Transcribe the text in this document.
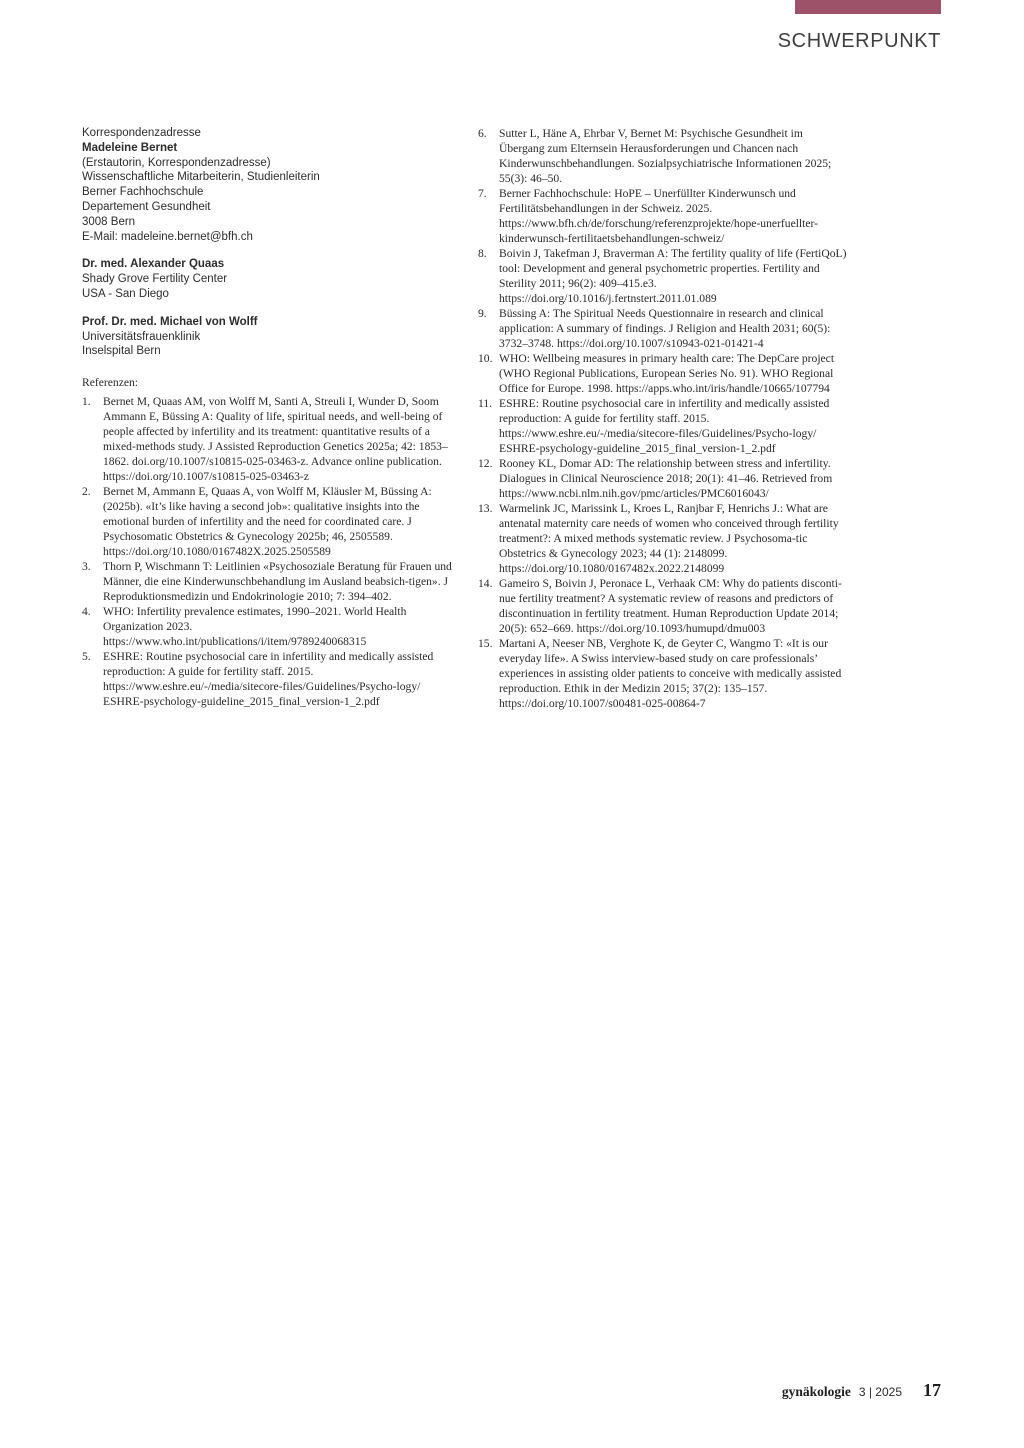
SCHWERPUNKT
Korrespondenzadresse
Madeleine Bernet
(Erstautorin, Korrespondenzadresse)
Wissenschaftliche Mitarbeiterin, Studienleiterin
Berner Fachhochschule
Departement Gesundheit
3008 Bern
E-Mail: madeleine.bernet@bfh.ch
Dr. med. Alexander Quaas
Shady Grove Fertility Center
USA - San Diego
Prof. Dr. med. Michael von Wolff
Universitätsfrauenklinik
Inselspital Bern
Referenzen:
1.	Bernet M, Quaas AM, von Wolff M, Santi A, Streuli I, Wunder D, Soom Ammann E, Büssing A: Quality of life, spiritual needs, and well-being of people affected by infertility and its treatment: quantitative results of a mixed-methods study. J Assisted Reproduction Genetics 2025a; 42: 1853–1862. doi.org/10.1007/s10815-025-03463-z. Advance online publication. https://doi.org/10.1007/s10815-025-03463-z
2.	Bernet M, Ammann E, Quaas A, von Wolff M, Kläusler M, Büssing A: (2025b). «It’s like having a second job»: qualitative insights into the emotional burden of infertility and the need for coordinated care. J Psychosomatic Obstetrics & Gynecology 2025b; 46, 2505589. https://doi.org/10.1080/0167482X.2025.2505589
3.	Thorn P, Wischmann T: Leitlinien «Psychosoziale Beratung für Frauen und Männer, die eine Kinderwunschbehandlung im Ausland beabsich-tigen». J Reproduktionsmedizin und Endokrinologie 2010; 7: 394–402.
4.	WHO: Infertility prevalence estimates, 1990–2021. World Health Organization 2023. https://www.who.int/publications/i/item/9789240068315
5.	ESHRE: Routine psychosocial care in infertility and medically assisted reproduction: A guide for fertility staff. 2015. https://www.eshre.eu/-/media/sitecore-files/Guidelines/Psycho-logy/ ESHRE-psychology-guideline_2015_final_version-1_2.pdf
6.	Sutter L, Häne A, Ehrbar V, Bernet M: Psychische Gesundheit im Übergang zum Elternsein Herausforderungen und Chancen nach Kinderwunschbehandlungen. Sozialpsychiatrische Informationen 2025; 55(3): 46–50.
7.	Berner Fachhochschule: HoPE – Unerfüllter Kinderwunsch und Fertilitätsbehandlungen in der Schweiz. 2025. https://www.bfh.ch/de/forschung/referenzprojekte/hope-unerfuellter-kinderwunsch-fertilitaetsbehandlungen-schweiz/
8.	Boivin J, Takefman J, Braverman A: The fertility quality of life (FertiQoL) tool: Development and general psychometric properties. Fertility and Sterility 2011; 96(2): 409–415.e3. https://doi.org/10.1016/j.fertnstert.2011.01.089
9.	Büssing A: The Spiritual Needs Questionnaire in research and clinical application: A summary of findings. J Religion and Health 2031; 60(5): 3732–3748. https://doi.org/10.1007/s10943-021-01421-4
10. WHO: Wellbeing measures in primary health care: The DepCare project (WHO Regional Publications, European Series No. 91). WHO Regional Office for Europe. 1998. https://apps.who.int/iris/handle/10665/107794
11. ESHRE: Routine psychosocial care in infertility and medically assisted reproduction: A guide for fertility staff. 2015. https://www.eshre.eu/-/media/sitecore-files/Guidelines/Psycho-logy/ ESHRE-psychology-guideline_2015_final_version-1_2.pdf
12. Rooney KL, Domar AD: The relationship between stress and infertility. Dialogues in Clinical Neuroscience 2018; 20(1): 41–46. Retrieved from https://www.ncbi.nlm.nih.gov/pmc/articles/PMC6016043/
13. Warmelink JC, Marissink L, Kroes L, Ranjbar F, Henrichs J.: What are antenatal maternity care needs of women who conceived through fertility treatment?: A mixed methods systematic review. J Psychosoma-tic Obstetrics & Gynecology 2023; 44 (1): 2148099. https://doi.org/10.1080/0167482x.2022.2148099
14. Gameiro S, Boivin J, Peronace L, Verhaak CM: Why do patients disconti-nue fertility treatment? A systematic review of reasons and predictors of discontinuation in fertility treatment. Human Reproduction Update 2014; 20(5): 652–669. https://doi.org/10.1093/humupd/dmu003
15. Martani A, Neeser NB, Verghote K, de Geyter C, Wangmo T: «It is our everyday life». A Swiss interview-based study on care professionals’ experiences in assisting older patients to conceive with medically assisted reproduction. Ethik in der Medizin 2015; 37(2): 135–157. https://doi.org/10.1007/s00481-025-00864-7
gynäkologie 3 | 2025 17
